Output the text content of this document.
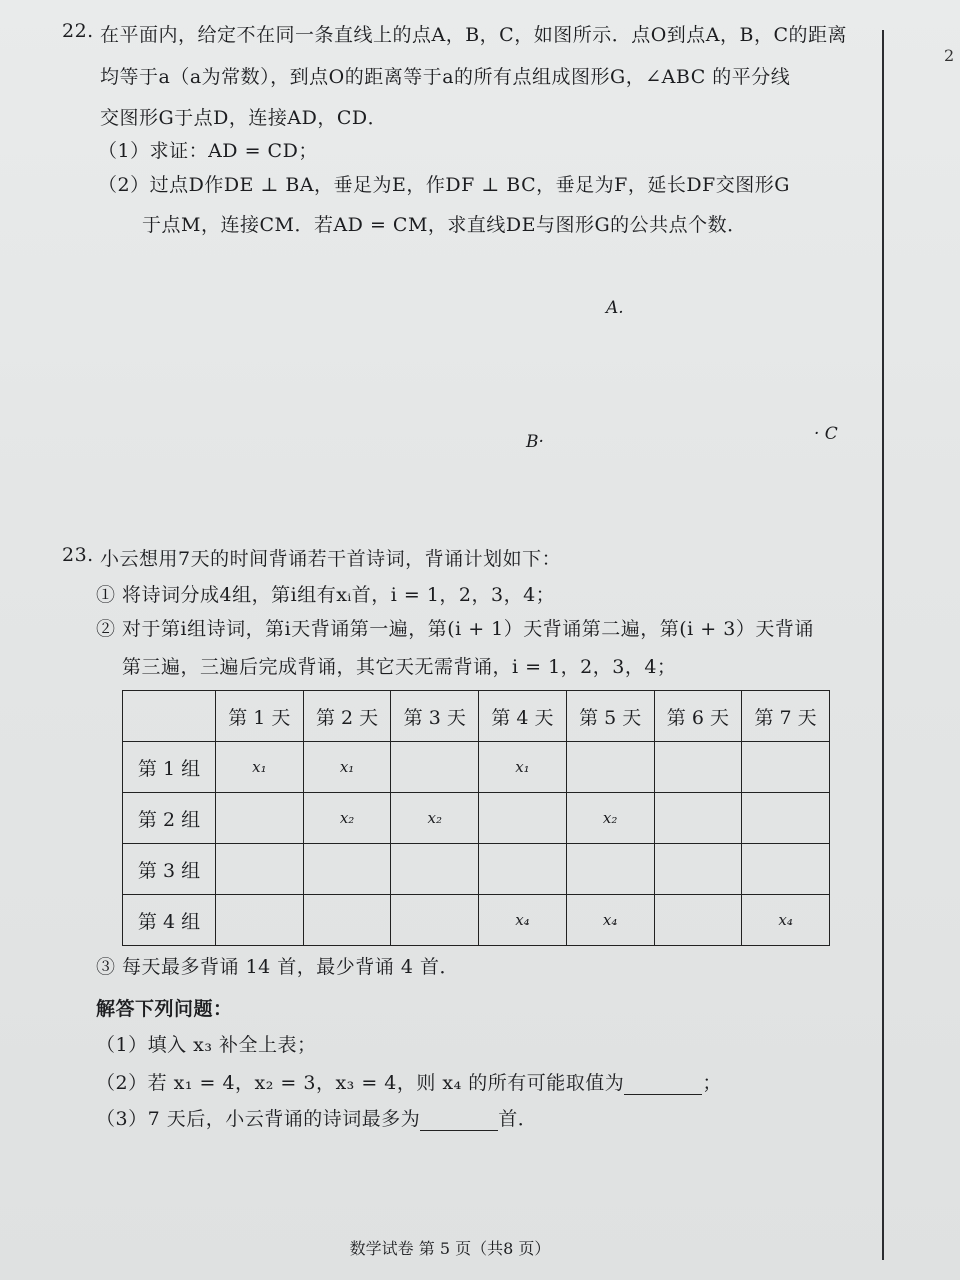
2
22. 在平面内，给定不在同一条直线上的点A，B，C，如图所示．点O到点A，B，C的距离
均等于a（a为常数），到点O的距离等于a的所有点组成图形G，∠ABC 的平分线
交图形G于点D，连接AD，CD．
（1）求证：AD = CD；
（2）过点D作DE ⊥ BA，垂足为E，作DF ⊥ BC，垂足为F，延长DF交图形G
于点M，连接CM．若AD = CM，求直线DE与图形G的公共点个数．
A.
B·	· C
23. 小云想用7天的时间背诵若干首诗词，背诵计划如下：
① 将诗词分成4组，第i组有xᵢ首，i = 1，2，3，4；
② 对于第i组诗词，第i天背诵第一遍，第(i + 1）天背诵第二遍，第(i + 3）天背诵
第三遍，三遍后完成背诵，其它天无需背诵，i = 1，2，3，4；
	第 1 天	第 2 天	第 3 天	第 4 天	第 5 天	第 6 天	第 7 天
第 1 组	x₁	x₁		x₁			
第 2 组		x₂	x₂		x₂		
第 3 组							
第 4 组				x₄	x₄		x₄
③ 每天最多背诵 14 首，最少背诵 4 首．
解答下列问题：
（1）填入 x₃ 补全上表；
（2）若 x₁ = 4，x₂ = 3，x₃ = 4，则 x₄ 的所有可能取值为	；
（3）7 天后，小云背诵的诗词最多为	首．
数学试卷 第 5 页（共8 页）
